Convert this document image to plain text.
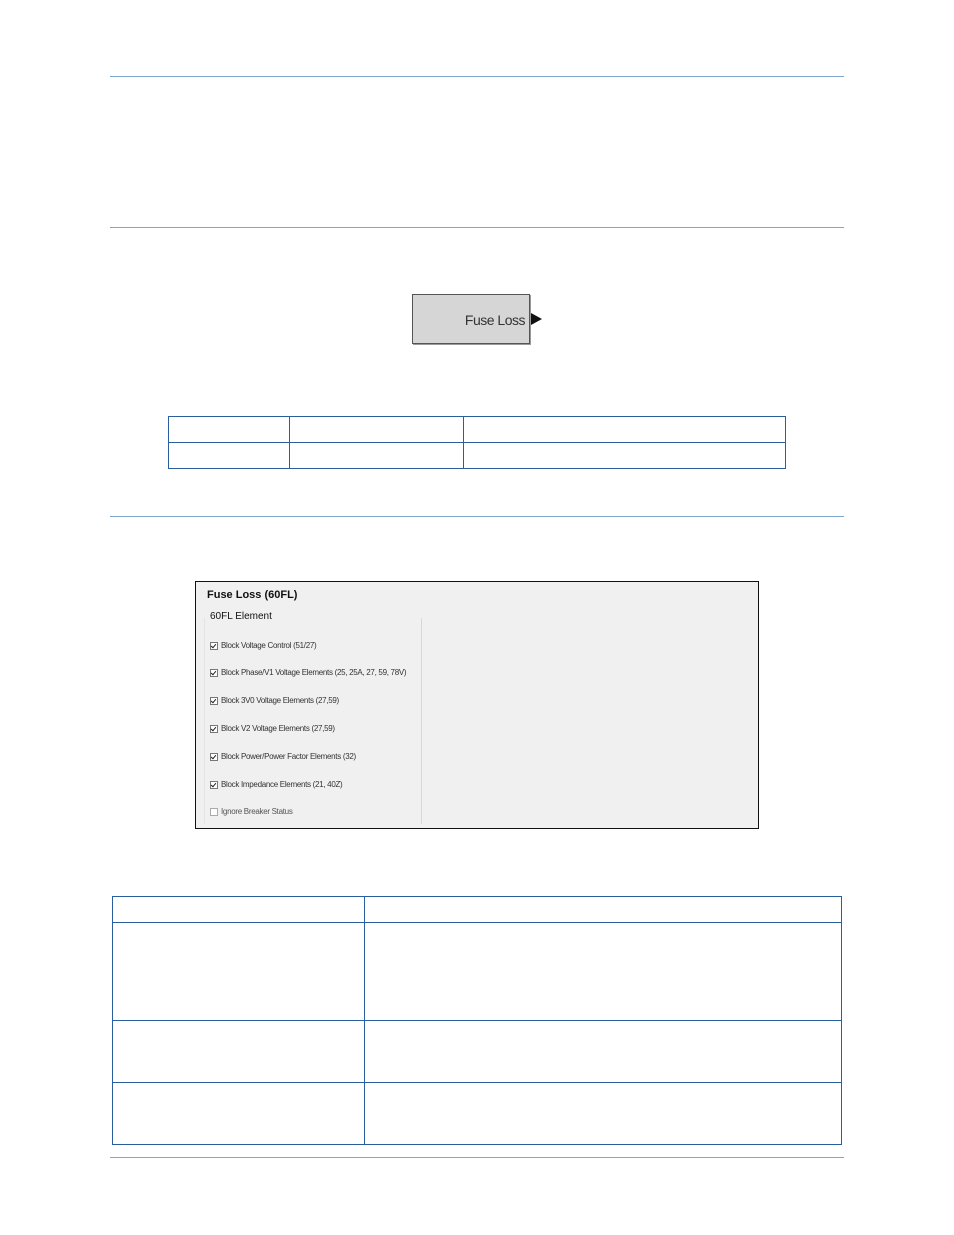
Fuse Loss

Fuse Loss (60FL)
60FL Element
Block Voltage Control (51/27)
Block Phase/V1 Voltage Elements (25, 25A, 27, 59, 78V)
Block 3V0 Voltage Elements (27,59)
Block V2 Voltage Elements (27,59)
Block Power/Power Factor Elements (32)
Block Impedance Elements (21, 40Z)
Ignore Breaker Status
